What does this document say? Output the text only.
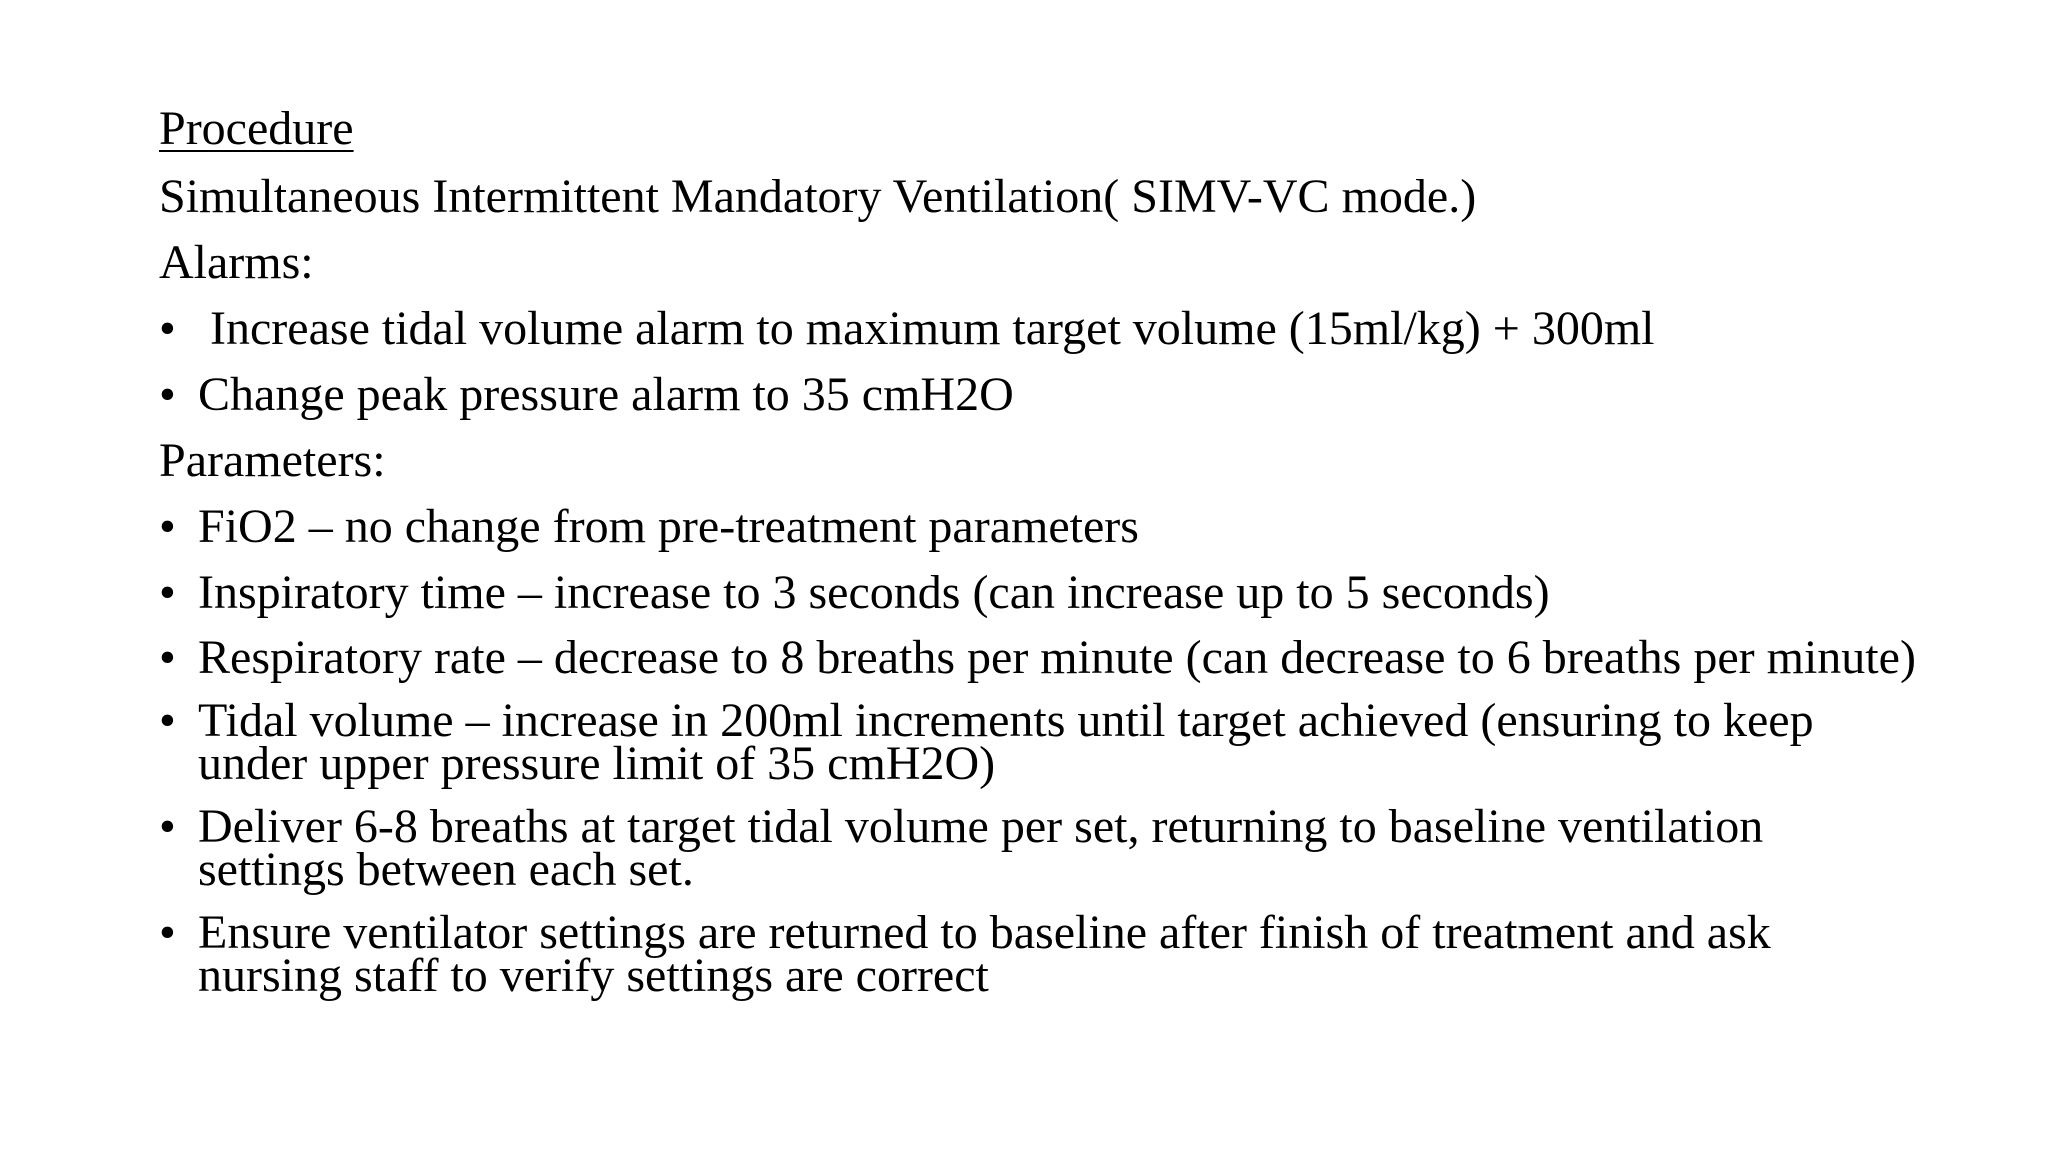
Procedure
Simultaneous Intermittent Mandatory Ventilation( SIMV-VC mode.)
Alarms:
• Increase tidal volume alarm to maximum target volume (15ml/kg) + 300ml
• Change peak pressure alarm to 35 cmH2O
Parameters:
• FiO2 – no change from pre-treatment parameters
• Inspiratory time – increase to 3 seconds (can increase up to 5 seconds)
• Respiratory rate – decrease to 8 breaths per minute (can decrease to 6 breaths per minute)
• Tidal volume – increase in 200ml increments until target achieved (ensuring to keep under upper pressure limit of 35 cmH2O)
• Deliver 6-8 breaths at target tidal volume per set, returning to baseline ventilation settings between each set.
• Ensure ventilator settings are returned to baseline after finish of treatment and ask nursing staff to verify settings are correct
